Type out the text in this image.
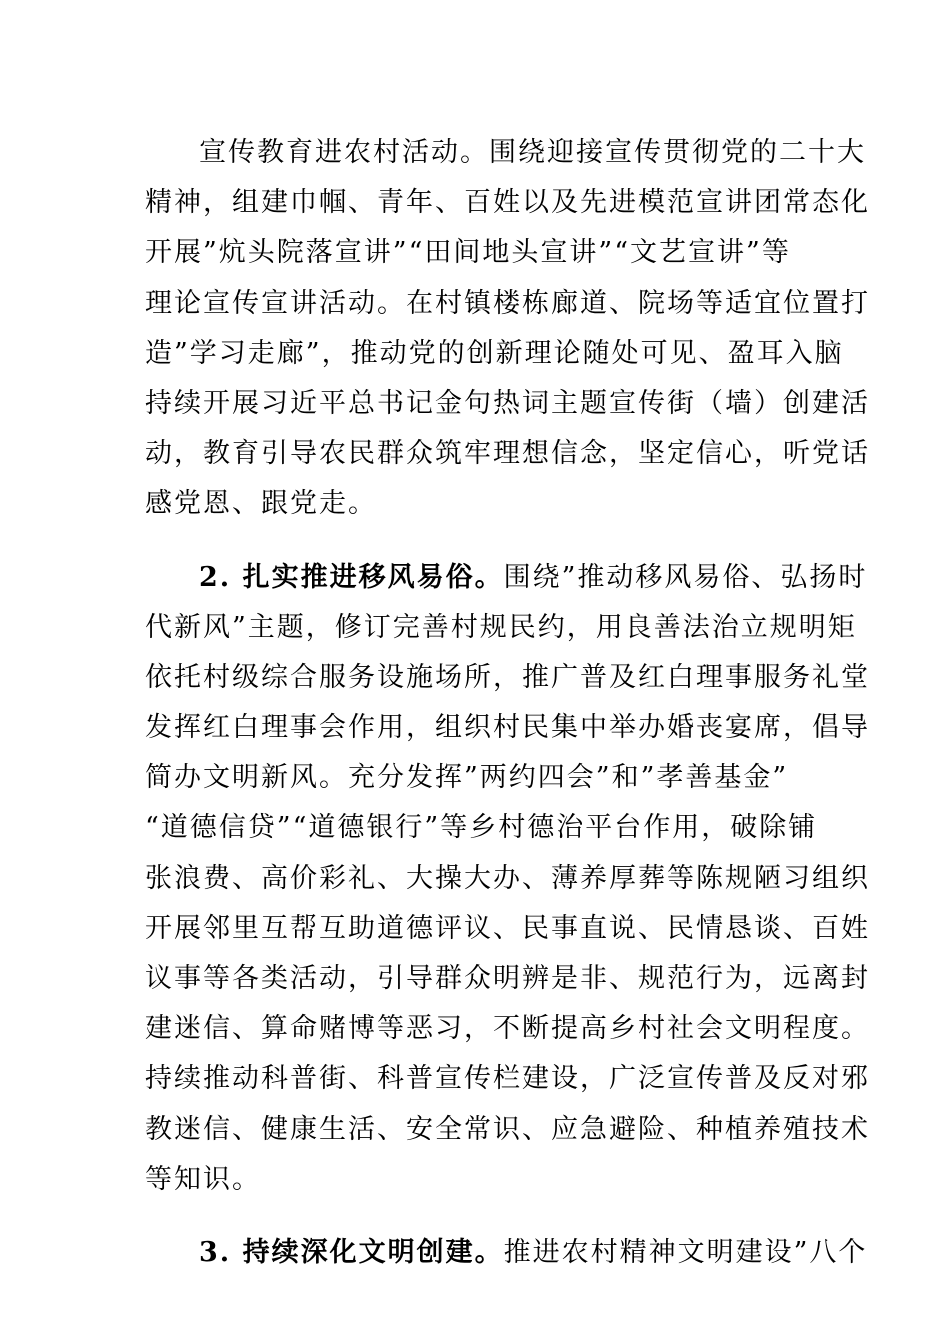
宣传教育进农村活动。围绕迎接宣传贯彻党的二十大
精神，组建巾帼、青年、百姓以及先进模范宣讲团常态化
开展”炕头院落宣讲”“田间地头宣讲”“文艺宣讲”等
理论宣传宣讲活动。在村镇楼栋廊道、院场等适宜位置打
造”学习走廊”，推动党的创新理论随处可见、盈耳入脑
持续开展习近平总书记金句热词主题宣传街（墙）创建活
动，教育引导农民群众筑牢理想信念，坚定信心，听党话
感党恩、跟党走。
2. 扎实推进移风易俗。围绕”推动移风易俗、弘扬时
代新风”主题，修订完善村规民约，用良善法治立规明矩
依托村级综合服务设施场所，推广普及红白理事服务礼堂
发挥红白理事会作用，组织村民集中举办婚丧宴席，倡导
简办文明新风。充分发挥”两约四会”和”孝善基金”
“道德信贷”“道德银行”等乡村德治平台作用，破除铺
张浪费、高价彩礼、大操大办、薄养厚葬等陈规陋习组织
开展邻里互帮互助道德评议、民事直说、民情恳谈、百姓
议事等各类活动，引导群众明辨是非、规范行为，远离封
建迷信、算命赌博等恶习，不断提高乡村社会文明程度。
持续推动科普街、科普宣传栏建设，广泛宣传普及反对邪
教迷信、健康生活、安全常识、应急避险、种植养殖技术
等知识。
3. 持续深化文明创建。推进农村精神文明建设”八个
